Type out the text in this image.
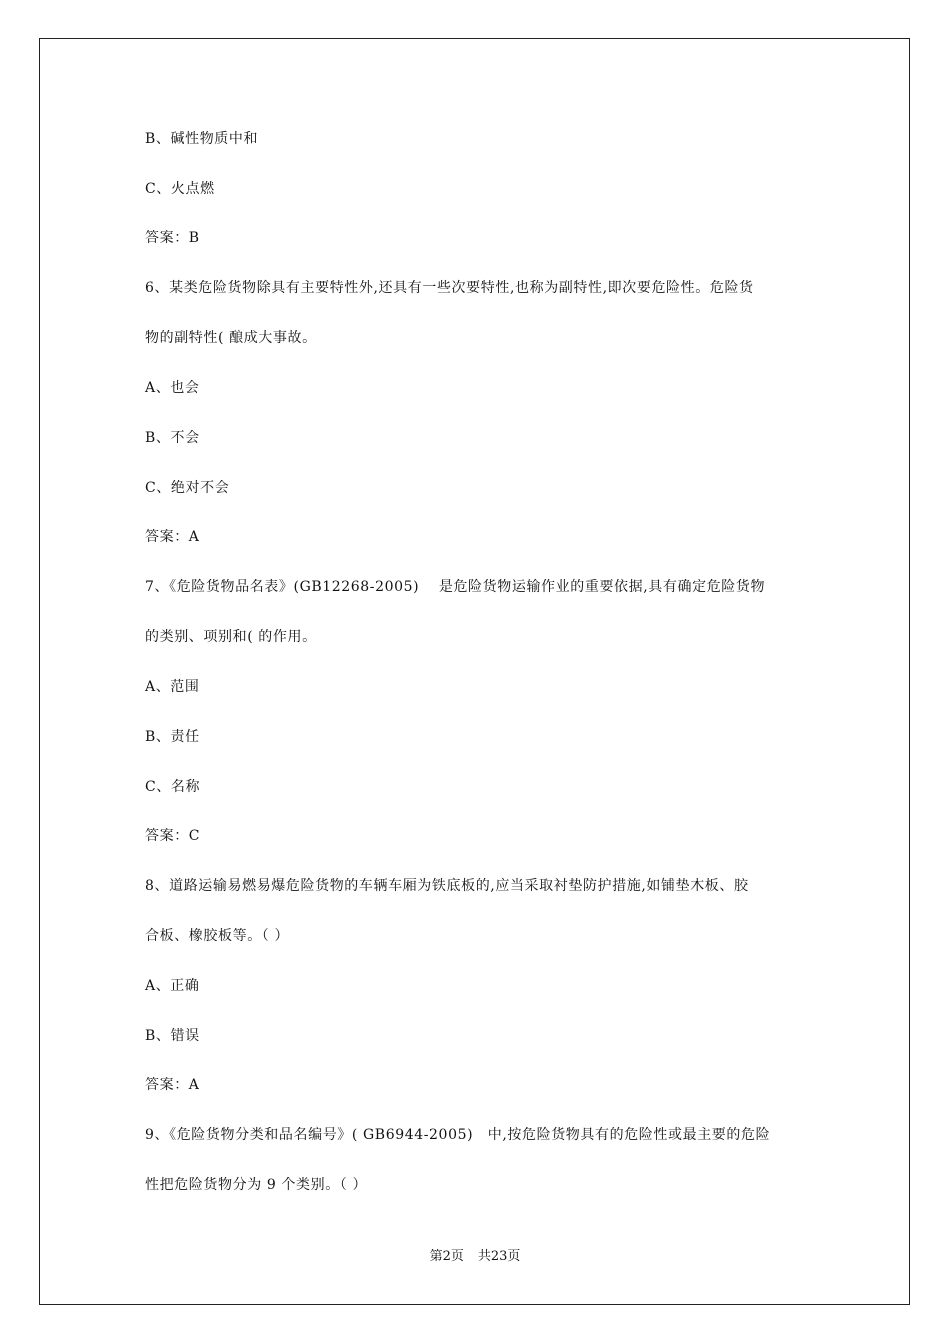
B、碱性物质中和
C、火点燃
答案：B
6、某类危险货物除具有主要特性外,还具有一些次要特性,也称为副特性,即次要危险性。危险货
物的副特性( 酿成大事故。
A、也会
B、不会
C、绝对不会
答案：A
7、《危险货物品名表》(GB12268-2005)　 是危险货物运输作业的重要依据,具有确定危险货物
的类别、项别和( 的作用。
A、范围
B、责任
C、名称
答案：C
8、道路运输易燃易爆危险货物的车辆车厢为铁底板的,应当采取衬垫防护措施,如铺垫木板、胶
合板、橡胶板等。（ ）
A、正确
B、错误
答案：A
9、《危险货物分类和品名编号》( GB6944-2005)　中,按危险货物具有的危险性或最主要的危险
性把危险货物分为 9 个类别。（ ）
第2页 共23页
